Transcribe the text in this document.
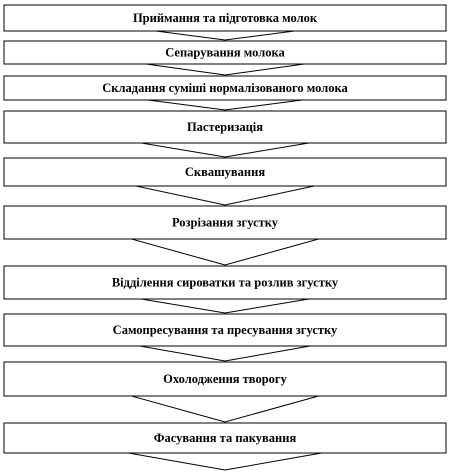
Приймання та підготовка молок
Сепарування молока
Складання суміші нормалізованого молока
Пастеризація
Сквашування
Розрізання згустку
Відділення сироватки та розлив згустку
Самопресування та пресування згустку
Охолодження творогу
Фасування та пакування
